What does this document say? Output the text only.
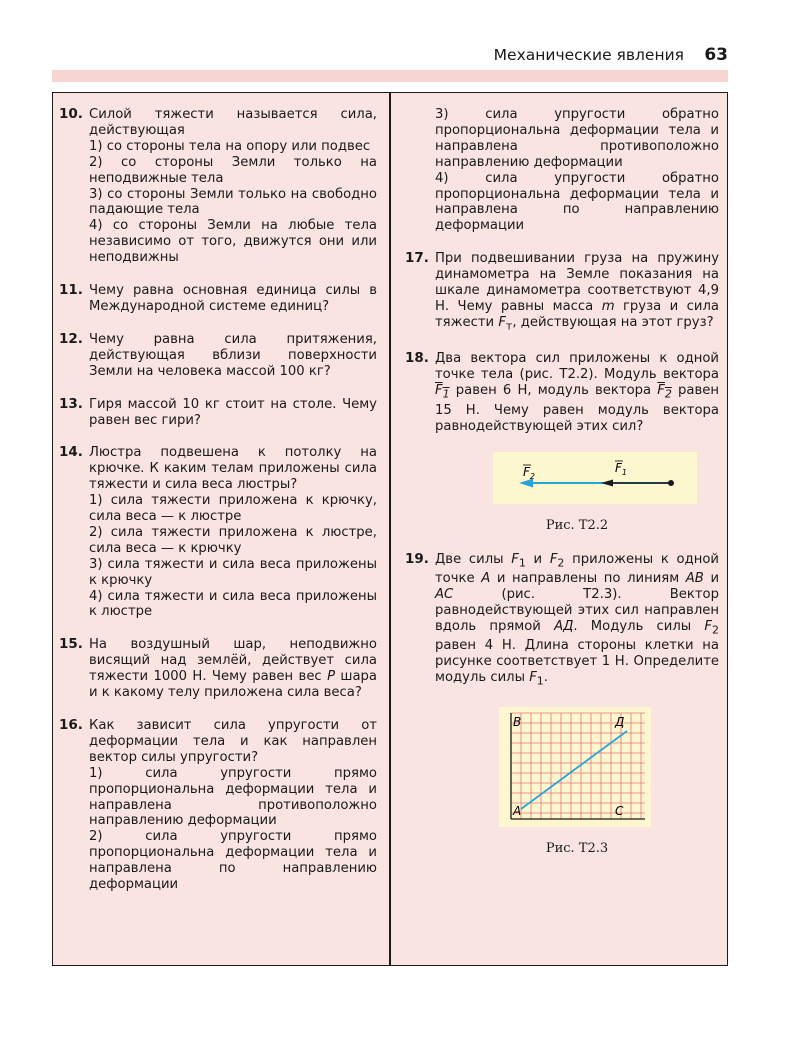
Механические явления 63
10. Силой тяжести называется сила, действующая

1) со стороны тела на опору или подвес

2) со стороны Земли только на неподвижные тела

3) со стороны Земли только на свободно падающие тела

4) со стороны Земли на любые тела независимо от того, движутся они или неподвижны

11. Чему равна основная единица силы в Международной системе единиц?

12. Чему равна сила притяжения, действующая вблизи поверхности Земли на человека массой 100 кг?

13. Гиря массой 10 кг стоит на столе. Чему равен вес гири?

14. Люстра подвешена к потолку на крючке. К каким телам приложены сила тяжести и сила веса люстры?

1) сила тяжести приложена к крючку, сила веса — к люстре

2) сила тяжести приложена к люстре, сила веса — к крючку

3) сила тяжести и сила веса приложены к крючку

4) сила тяжести и сила веса приложены к люстре

15. На воздушный шар, неподвижно висящий над землёй, действует сила тяжести 1000 Н. Чему равен вес P шара и к какому телу приложена сила веса?

16. Как зависит сила упругости от деформации тела и как направлен вектор силы упругости?

1) сила упругости прямо пропорциональна деформации тела и направлена противоположно направлению деформации

2) сила упругости прямо пропорциональна деформации тела и направлена по направлению деформации

3) сила упругости обратно пропорциональна деформации тела и направлена противоположно направлению деформации

4) сила упругости обратно пропорциональна деформации тела и направлена по направлению деформации

17. При подвешивании груза на пружину динамометра на Земле показания на шкале динамометра соответствуют 4,9 Н. Чему равны масса m груза и сила тяжести $F_т$, действующая на этот груз?

18. Два вектора сил приложены к одной точке тела (рис. Т2.2). Модуль вектора $F_1$ равен 6 Н, модуль вектора $F_2$ равен 15 Н. Чему равен модуль вектора равнодействующей этих сил?

$F_2$
$F_1$
Рис. Т2.2
19. Две силы $F_1$ и $F_2$ приложены к одной точке A и направлены по линиям AB и AC (рис. Т2.3). Вектор равнодействующей этих сил направлен вдоль прямой AД. Модуль силы $F_2$ равен 4 Н. Длина стороны клетки на рисунке соответствует 1 Н. Определите модуль силы $F_1$.

B	Д
A	C
Рис. Т2.3
